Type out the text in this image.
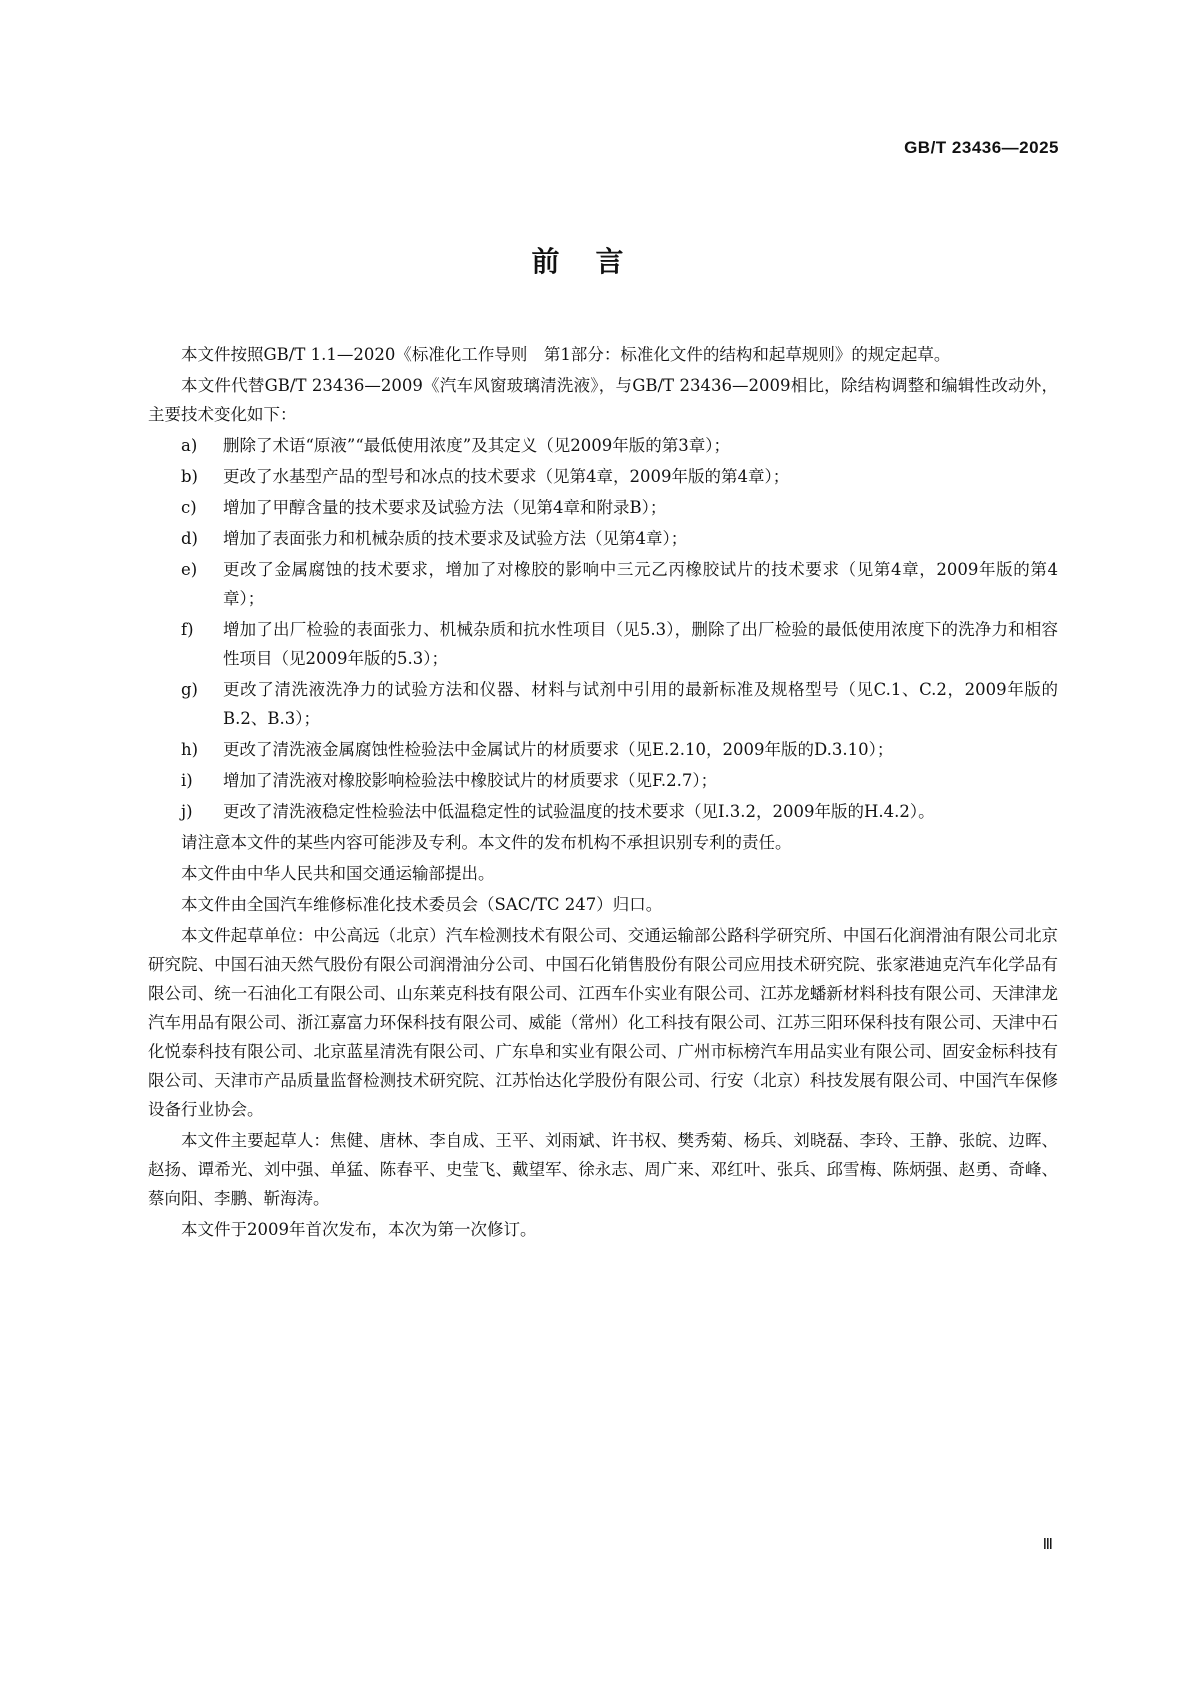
GB/T 23436—2025
前言

本文件按照GB/T 1.1—2020《标准化工作导则　第1部分：标准化文件的结构和起草规则》的规定起草。

本文件代替GB/T 23436—2009《汽车风窗玻璃清洗液》，与GB/T 23436—2009相比，除结构调整和编辑性改动外，主要技术变化如下：

a) 删除了术语“原液”“最低使用浓度”及其定义（见2009年版的第3章）；
b) 更改了水基型产品的型号和冰点的技术要求（见第4章，2009年版的第4章）；
c) 增加了甲醇含量的技术要求及试验方法（见第4章和附录B）；
d) 增加了表面张力和机械杂质的技术要求及试验方法（见第4章）；
e) 更改了金属腐蚀的技术要求，增加了对橡胶的影响中三元乙丙橡胶试片的技术要求（见第4章，2009年版的第4章）；
f) 增加了出厂检验的表面张力、机械杂质和抗水性项目（见5.3），删除了出厂检验的最低使用浓度下的洗净力和相容性项目（见2009年版的5.3）；
g) 更改了清洗液洗净力的试验方法和仪器、材料与试剂中引用的最新标准及规格型号（见C.1、C.2，2009年版的B.2、B.3）；
h) 更改了清洗液金属腐蚀性检验法中金属试片的材质要求（见E.2.10，2009年版的D.3.10）；
i) 增加了清洗液对橡胶影响检验法中橡胶试片的材质要求（见F.2.7）；
j) 更改了清洗液稳定性检验法中低温稳定性的试验温度的技术要求（见I.3.2，2009年版的H.4.2）。

请注意本文件的某些内容可能涉及专利。本文件的发布机构不承担识别专利的责任。

本文件由中华人民共和国交通运输部提出。

本文件由全国汽车维修标准化技术委员会（SAC/TC 247）归口。

本文件起草单位：中公高远（北京）汽车检测技术有限公司、交通运输部公路科学研究所、中国石化润滑油有限公司北京研究院、中国石油天然气股份有限公司润滑油分公司、中国石化销售股份有限公司应用技术研究院、张家港迪克汽车化学品有限公司、统一石油化工有限公司、山东莱克科技有限公司、江西车仆实业有限公司、江苏龙蟠新材料科技有限公司、天津津龙汽车用品有限公司、浙江嘉富力环保科技有限公司、威能（常州）化工科技有限公司、江苏三阳环保科技有限公司、天津中石化悦泰科技有限公司、北京蓝星清洗有限公司、广东阜和实业有限公司、广州市标榜汽车用品实业有限公司、固安金标科技有限公司、天津市产品质量监督检测技术研究院、江苏怡达化学股份有限公司、行安（北京）科技发展有限公司、中国汽车保修设备行业协会。

本文件主要起草人：焦健、唐林、李自成、王平、刘雨斌、许书权、樊秀菊、杨兵、刘晓磊、李玲、王静、张皖、边晖、赵扬、谭希光、刘中强、单猛、陈春平、史莹飞、戴望军、徐永志、周广来、邓红叶、张兵、邱雪梅、陈炳强、赵勇、奇峰、蔡向阳、李鹏、靳海涛。

本文件于2009年首次发布，本次为第一次修订。

Ⅲ
